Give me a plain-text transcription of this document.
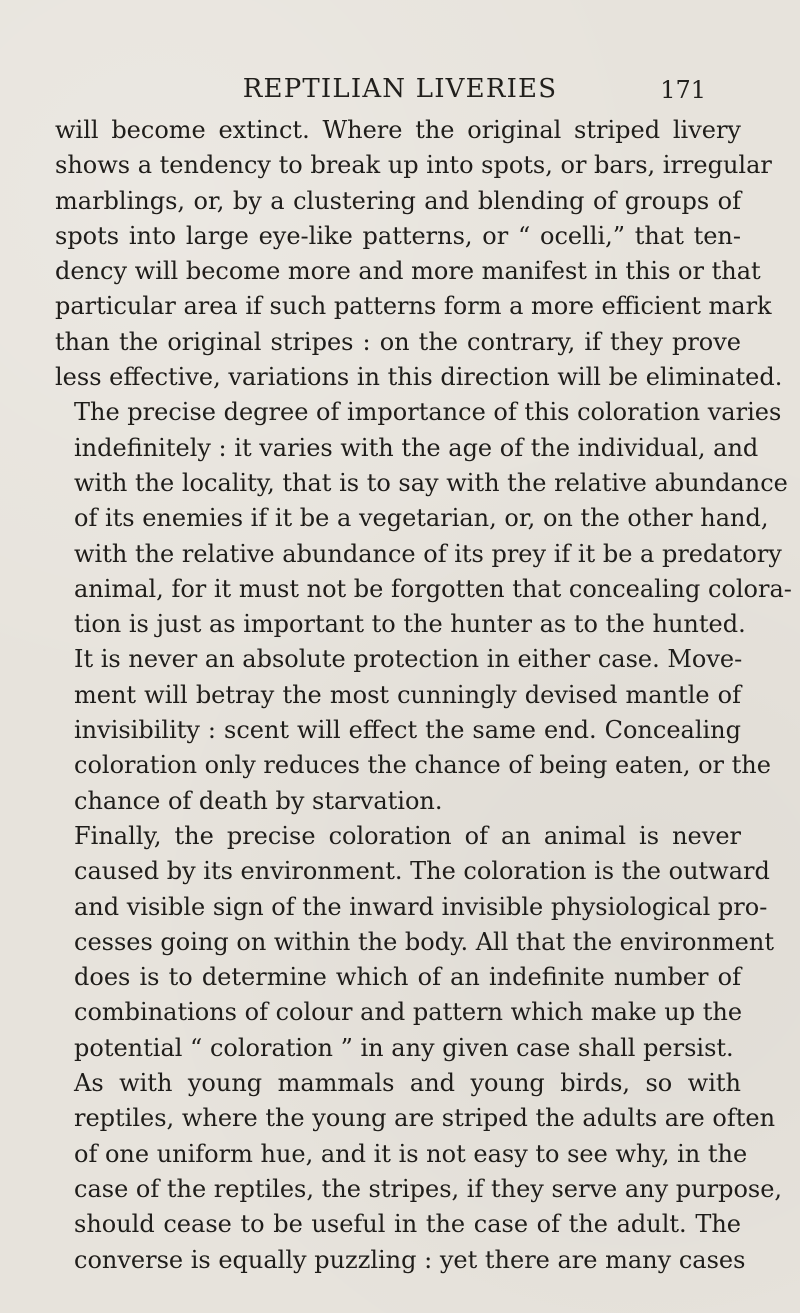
REPTILIAN LIVERIES	171

will become extinct. Where the original striped livery
shows a tendency to break up into spots, or bars, irregular
marblings, or, by a clustering and blending of groups of
spots into large eye-like patterns, or “ ocelli,” that ten-
dency will become more and more manifest in this or that
particular area if such patterns form a more efficient mark
than the original stripes : on the contrary, if they prove
less effective, variations in this direction will be eliminated.

The precise degree of importance of this coloration varies
indefinitely : it varies with the age of the individual, and
with the locality, that is to say with the relative abundance
of its enemies if it be a vegetarian, or, on the other hand,
with the relative abundance of its prey if it be a predatory
animal, for it must not be forgotten that concealing colora-
tion is just as important to the hunter as to the hunted.
It is never an absolute protection in either case. Move-
ment will betray the most cunningly devised mantle of
invisibility : scent will effect the same end. Concealing
coloration only reduces the chance of being eaten, or the
chance of death by starvation.

Finally, the precise coloration of an animal is never
caused by its environment. The coloration is the outward
and visible sign of the inward invisible physiological pro-
cesses going on within the body. All that the environment
does is to determine which of an indefinite number of
combinations of colour and pattern which make up the
potential “ coloration ” in any given case shall persist.

As with young mammals and young birds, so with
reptiles, where the young are striped the adults are often
of one uniform hue, and it is not easy to see why, in the
case of the reptiles, the stripes, if they serve any purpose,
should cease to be useful in the case of the adult. The
converse is equally puzzling : yet there are many cases
